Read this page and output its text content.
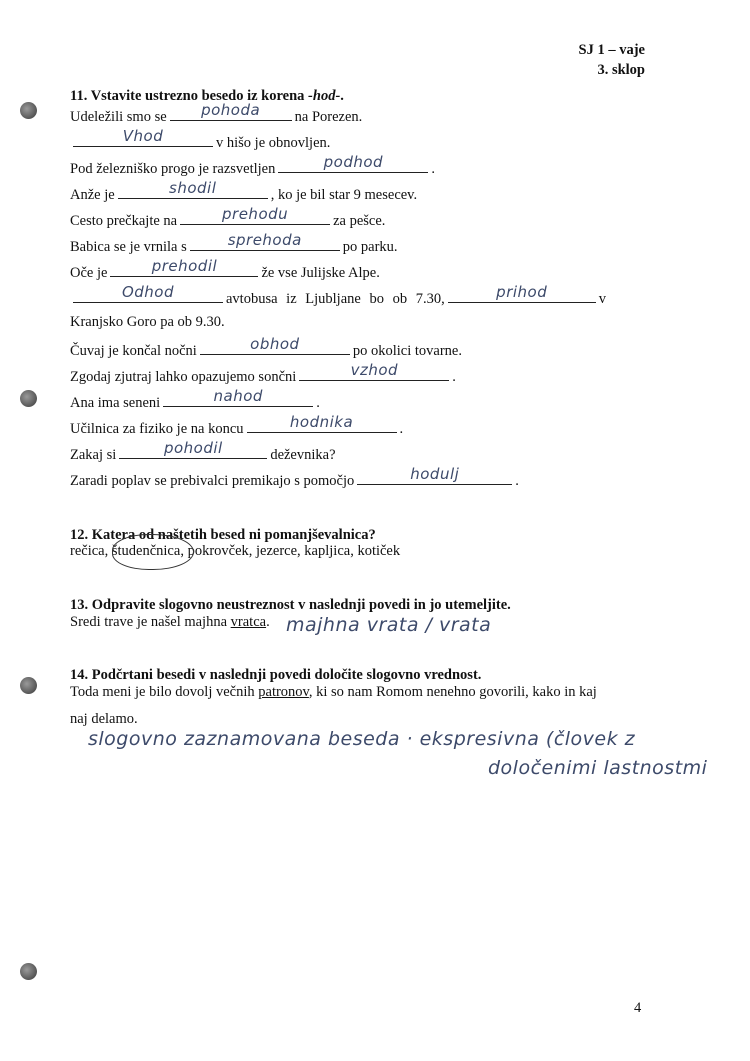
SJ 1 – vaje
3. sklop
11. Vstavite ustrezno besedo iz korena -hod-.
Udeležili smo se	pohoda	na Porezen.
Vhod	v hišo je obnovljen.
Pod železniško progo je razsvetljen	podhod	.
Anže je	shodil	, ko je bil star 9 mesecev.
Cesto prečkajte na	prehodu	za pešce.
Babica se je vrnila s	sprehoda	po parku.
Oče je	prehodil	že vse Julijske Alpe.
Odhod	avtobusa iz Ljubljane bo ob 7.30,	prihod	v
Kranjsko Goro pa ob 9.30.
Čuvaj je končal nočni	obhod	po okolici tovarne.
Zgodaj zjutraj lahko opazujemo sončni	vzhod	.
Ana ima seneni	nahod	.
Učilnica za fiziko je na koncu	hodnika	.
Zakaj si	pohodil	deževnika?
Zaradi poplav se prebivalci premikajo s pomočjo	hodulj	.
12. Katera od naštetih besed ni pomanjševalnica?
rečica, študenčnica, pokrovček, jezerce, kapljica, kotiček
13. Odpravite slogovno neustreznost v naslednji povedi in jo utemeljite.
Sredi trave je našel majhna vratca. majhna vrata / vrata
14. Podčrtani besedi v naslednji povedi določite slogovno vrednost.
Toda meni je bilo dovolj večnih patronov, ki so nam Romom nenehno govorili, kako in kaj
naj delamo.
slogovno zaznamovana beseda · ekspresivna (človek z
določenimi lastnostmi
4
